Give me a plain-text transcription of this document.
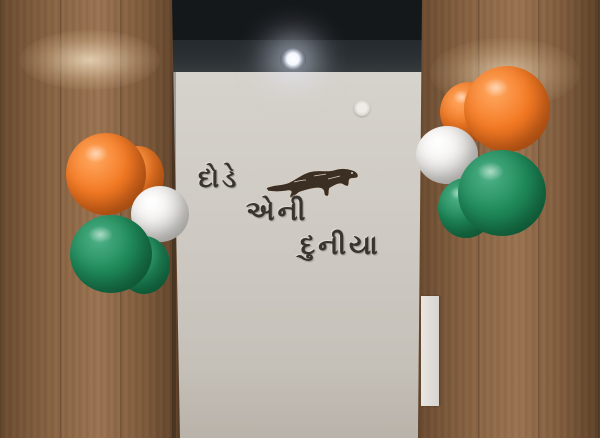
દોડે
એની
દુનીયા
